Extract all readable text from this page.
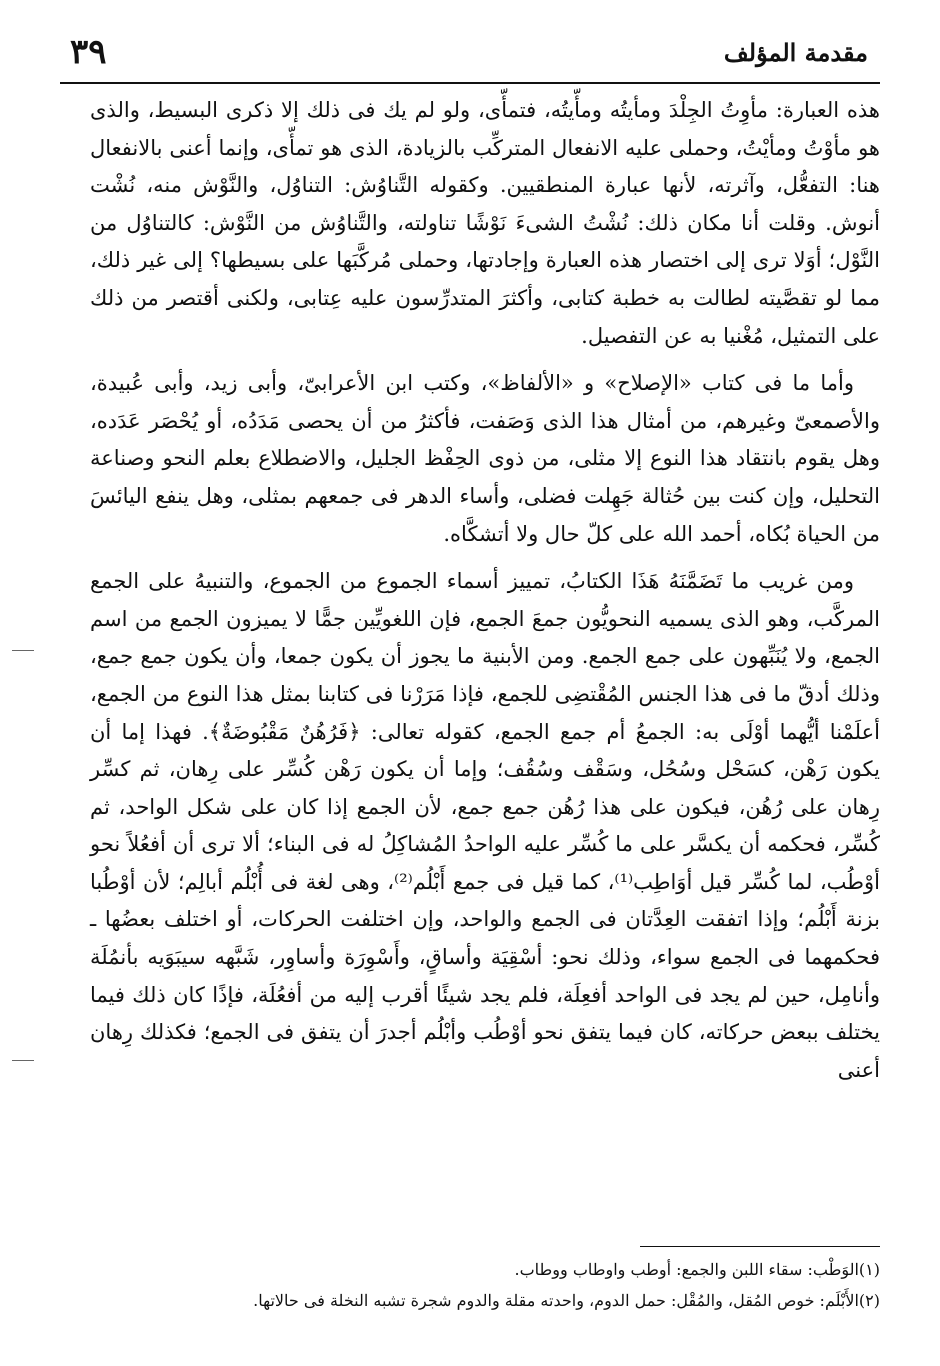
مقدمة المؤلف
٣٩

هذه العبارة: مأوِتُ الجِلْدَ ومأيتُه ومأّيتُه، فتمأّى، ولو لم يك فى ذلك إلا ذكرى البسيط، والذى هو مأوْتُ ومأيْتُ، وحملى عليه الانفعال المتركِّب بالزيادة، الذى هو تمأّى، وإنما أعنى بالانفعال هنا: التفعُّل، وآثرته، لأنها عبارة المنطقيين. وكقوله التَّناوُش: التناوُل، والنَّوْش منه، نُشْت أنوش. وقلت أنا مكان ذلك: نُشْتُ الشىءَ نَوْشًا تناولته، والتَّناوُش من النَّوْش: كالتناوُل من النَّوْل؛ أوَلا ترى إلى اختصار هذه العبارة وإجادتها، وحملى مُركَّبَها على بسيطها؟ إلى غير ذلك، مما لو تقصَّيته لطالت به خطبة كتابى، وأكثرَ المتدرِّسون عليه عِتابى، ولكنى أقتصر من ذلك على التمثيل، مُغْنيا به عن التفصيل.

وأما ما فى كتاب «الإصلاح» و «الألفاظ»، وكتب ابن الأعرابىّ، وأبى زيد، وأبى عُبيدة، والأصمعىّ وغيرهم، من أمثال هذا الذى وَصَفت، فأكثرُ من أن يحصى مَدَدُه، أو يُحْصَر عَدَده، وهل يقوم بانتقاد هذا النوع إلا مثلى، من ذوى الحِفْظ الجليل، والاضطلاع بعلم النحو وصناعة التحليل، وإن كنت بين حُثالة جَهِلت فضلى، وأساء الدهر فى جمعهم بمثلى، وهل ينفع اليائسَ من الحياة بُكاه، أحمد الله على كلّ حال ولا أتشكَّاه.

ومن غريب ما تَضَمَّنَهُ هَذَا الكتابُ، تمييز أسماء الجموع من الجموع، والتنبيهُ على الجمع المركَّب، وهو الذى يسميه النحويُّون جمعَ الجمع، فإن اللغويِّين جمًّا لا يميزون الجمع من اسم الجمع، ولا يُنَبِّهون على جمع الجمع. ومن الأبنية ما يجوز أن يكون جمعا، وأن يكون جمع جمع، وذلك أدقّ ما فى هذا الجنس المُقْتضِى للجمع، فإذا مَرَرْنا فى كتابنا بمثل هذا النوع من الجمع، أعلَمْنا أيُّهما أوْلَى به: الجمعُ أم جمع الجمع، كقوله تعالى: ﴿فَرُهُنٌ مَقْبُوضَةٌ﴾. فهذا إما أن يكون رَهْن، كسَحْل وسُحُل، وسَقْف وسُقُف؛ وإما أن يكون رَهْن كُسِّر على رِهان، ثم كسِّر رِهان على رُهُن، فيكون على هذا رُهُن جمع جمع، لأن الجمع إذا كان على شكل الواحد، ثم كُسِّر، فحكمه أن يكسَّر على ما كُسِّر عليه الواحدُ المُشاكِلُ له فى البناء؛ ألا ترى أن أفعُلاً نحو أوْطُب، لما كُسِّر قيل أوَاطِب⁽¹⁾، كما قيل فى جمع أَبْلُم⁽²⁾، وهى لغة فى أُبْلُم أبالِم؛ لأن أوْطُبا بزنة أَبْلُم؛ وإذا اتفقت العِدَّتان فى الجمع والواحد، وإن اختلفت الحركات، أو اختلف بعضُها ـ فحكمهما فى الجمع سواء، وذلك نحو: أسْقِيَة وأساقٍ، وأَسْوِرَة وأساوِر، شَبَّهه سيبَوَيه بأنمُلَة وأنامِل، حين لم يجد فى الواحد أفعِلَة، فلم يجد شيئًا أقرب إليه من أفعُلَة، فإذًا كان ذلك فيما يختلف ببعض حركاته، كان فيما يتفق نحو أوْطُب وأبْلُم أجدرَ أن يتفق فى الجمع؛ فكذلك رِهان أعنى

(١)الوَطْب: سقاء اللبن والجمع: أوطب واوطاب ووطاب.

(٢)الأَبْلَم: خوص المُقل، والمُقْل: حمل الدوم، واحدته مقلة والدوم شجرة تشبه النخلة فى حالاتها.
